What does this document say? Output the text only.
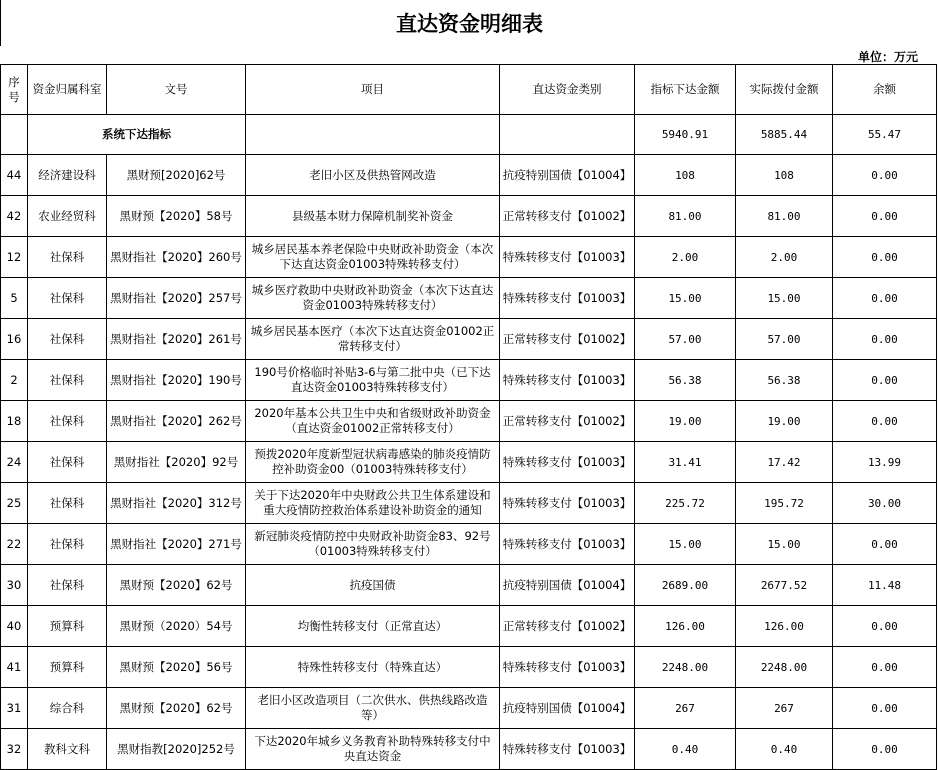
直达资金明细表
单位：万元
序号	资金归属科室	文号	项目	直达资金类别	指标下达金额	实际拨付金额	余额
	系统下达指标				5940.91	5885.44	55.47
44	经济建设科	黑财预[2020]62号	老旧小区及供热管网改造	抗疫特别国债【01004】	108	108	0.00
42	农业经贸科	黑财预【2020】58号	县级基本财力保障机制奖补资金	正常转移支付【01002】	81.00	81.00	0.00
12	社保科	黑财指社【2020】260号	城乡居民基本养老保险中央财政补助资金（本次下达直达资金01003特殊转移支付）	特殊转移支付【01003】	2.00	2.00	0.00
5	社保科	黑财指社【2020】257号	城乡医疗救助中央财政补助资金（本次下达直达资金01003特殊转移支付）	特殊转移支付【01003】	15.00	15.00	0.00
16	社保科	黑财指社【2020】261号	城乡居民基本医疗（本次下达直达资金01002正常转移支付）	正常转移支付【01002】	57.00	57.00	0.00
2	社保科	黑财指社【2020】190号	190号价格临时补贴3-6与第二批中央（已下达直达资金01003特殊转移支付）	特殊转移支付【01003】	56.38	56.38	0.00
18	社保科	黑财指社【2020】262号	2020年基本公共卫生中央和省级财政补助资金（直达资金01002正常转移支付）	正常转移支付【01002】	19.00	19.00	0.00
24	社保科	黑财指社【2020】92号	预拨2020年度新型冠状病毒感染的肺炎疫情防控补助资金00（01003特殊转移支付）	特殊转移支付【01003】	31.41	17.42	13.99
25	社保科	黑财指社【2020】312号	关于下达2020年中央财政公共卫生体系建设和重大疫情防控救治体系建设补助资金的通知	特殊转移支付【01003】	225.72	195.72	30.00
22	社保科	黑财指社【2020】271号	新冠肺炎疫情防控中央财政补助资金83、92号（01003特殊转移支付）	特殊转移支付【01003】	15.00	15.00	0.00
30	社保科	黑财预【2020】62号	抗疫国债	抗疫特别国债【01004】	2689.00	2677.52	11.48
40	预算科	黑财预（2020）54号	均衡性转移支付（正常直达）	正常转移支付【01002】	126.00	126.00	0.00
41	预算科	黑财预【2020】56号	特殊性转移支付（特殊直达）	特殊转移支付【01003】	2248.00	2248.00	0.00
31	综合科	黑财预【2020】62号	老旧小区改造项目（二次供水、供热线路改造等）	抗疫特别国债【01004】	267	267	0.00
32	教科文科	黑财指教[2020]252号	下达2020年城乡义务教育补助特殊转移支付中央直达资金	特殊转移支付【01003】	0.40	0.40	0.00
